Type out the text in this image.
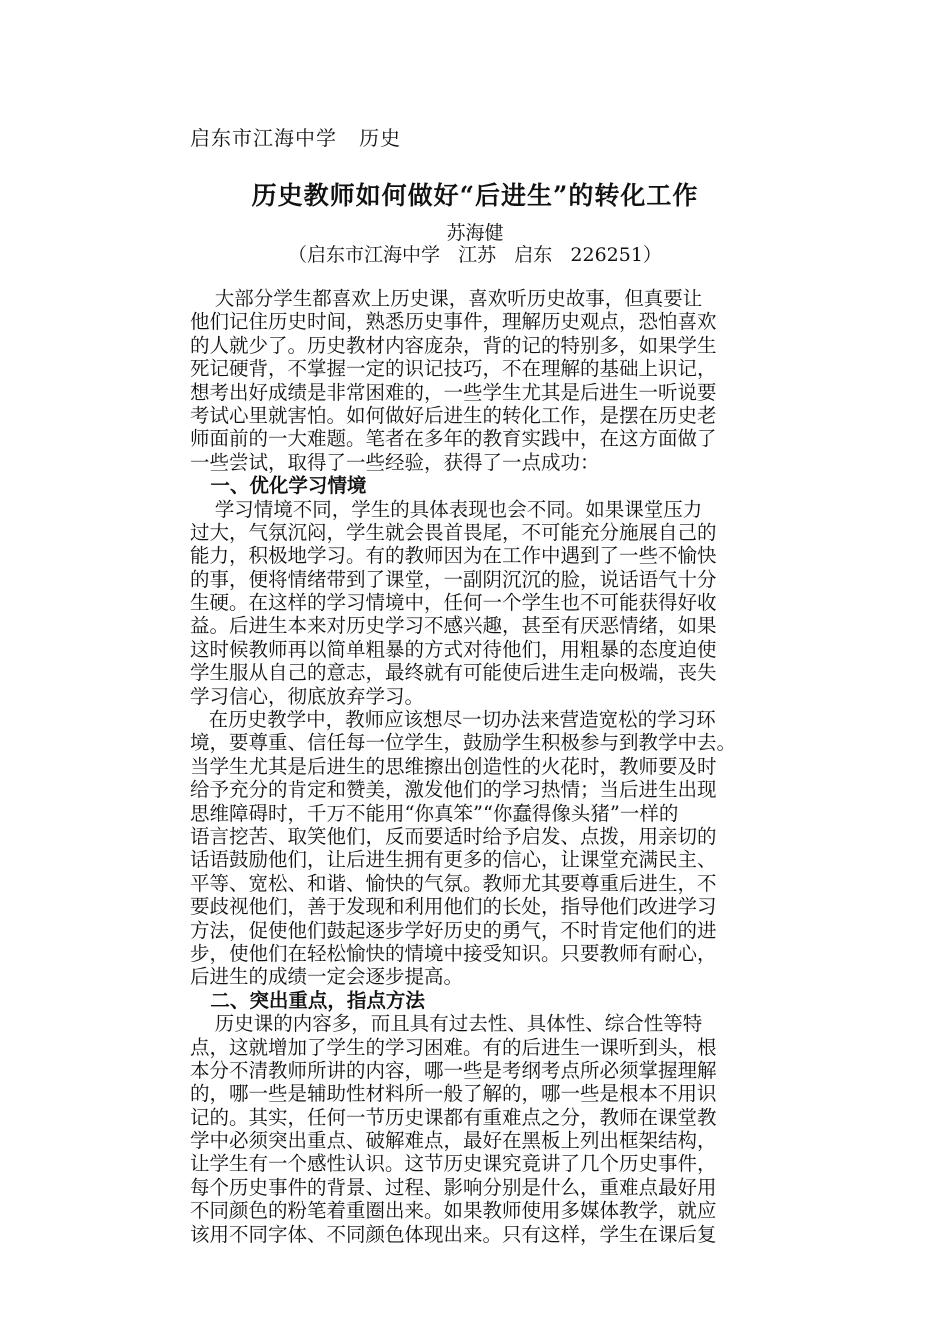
启东市江海中学   历史
历史教师如何做好“后进生”的转化工作
苏海健
（启东市江海中学   江苏   启东   226251）
大部分学生都喜欢上历史课，喜欢听历史故事，但真要让
他们记住历史时间，熟悉历史事件，理解历史观点，恐怕喜欢
的人就少了。历史教材内容庞杂，背的记的特别多，如果学生
死记硬背，不掌握一定的识记技巧，不在理解的基础上识记，
想考出好成绩是非常困难的，一些学生尤其是后进生一听说要
考试心里就害怕。如何做好后进生的转化工作，是摆在历史老
师面前的一大难题。笔者在多年的教育实践中，在这方面做了
一些尝试，取得了一些经验，获得了一点成功：
一、优化学习情境
学习情境不同，学生的具体表现也会不同。如果课堂压力
过大，气氛沉闷，学生就会畏首畏尾，不可能充分施展自己的
能力，积极地学习。有的教师因为在工作中遇到了一些不愉快
的事，便将情绪带到了课堂，一副阴沉沉的脸，说话语气十分
生硬。在这样的学习情境中，任何一个学生也不可能获得好收
益。后进生本来对历史学习不感兴趣，甚至有厌恶情绪，如果
这时候教师再以简单粗暴的方式对待他们，用粗暴的态度迫使
学生服从自己的意志，最终就有可能使后进生走向极端，丧失
学习信心，彻底放弃学习。
在历史教学中，教师应该想尽一切办法来营造宽松的学习环
境，要尊重、信任每一位学生，鼓励学生积极参与到教学中去。
当学生尤其是后进生的思维擦出创造性的火花时，教师要及时
给予充分的肯定和赞美，激发他们的学习热情；当后进生出现
思维障碍时，千万不能用“你真笨”“你蠢得像头猪”一样的
语言挖苦、取笑他们，反而要适时给予启发、点拨，用亲切的
话语鼓励他们，让后进生拥有更多的信心，让课堂充满民主、
平等、宽松、和谐、愉快的气氛。教师尤其要尊重后进生，不
要歧视他们，善于发现和利用他们的长处，指导他们改进学习
方法，促使他们鼓起逐步学好历史的勇气，不时肯定他们的进
步，使他们在轻松愉快的情境中接受知识。只要教师有耐心，
后进生的成绩一定会逐步提高。
二、突出重点，指点方法
历史课的内容多，而且具有过去性、具体性、综合性等特
点，这就增加了学生的学习困难。有的后进生一课听到头，根
本分不清教师所讲的内容，哪一些是考纲考点所必须掌握理解
的，哪一些是辅助性材料所一般了解的，哪一些是根本不用识
记的。其实，任何一节历史课都有重难点之分，教师在课堂教
学中必须突出重点、破解难点，最好在黑板上列出框架结构，
让学生有一个感性认识。这节历史课究竟讲了几个历史事件，
每个历史事件的背景、过程、影响分别是什么，重难点最好用
不同颜色的粉笔着重圈出来。如果教师使用多媒体教学，就应
该用不同字体、不同颜色体现出来。只有这样，学生在课后复
